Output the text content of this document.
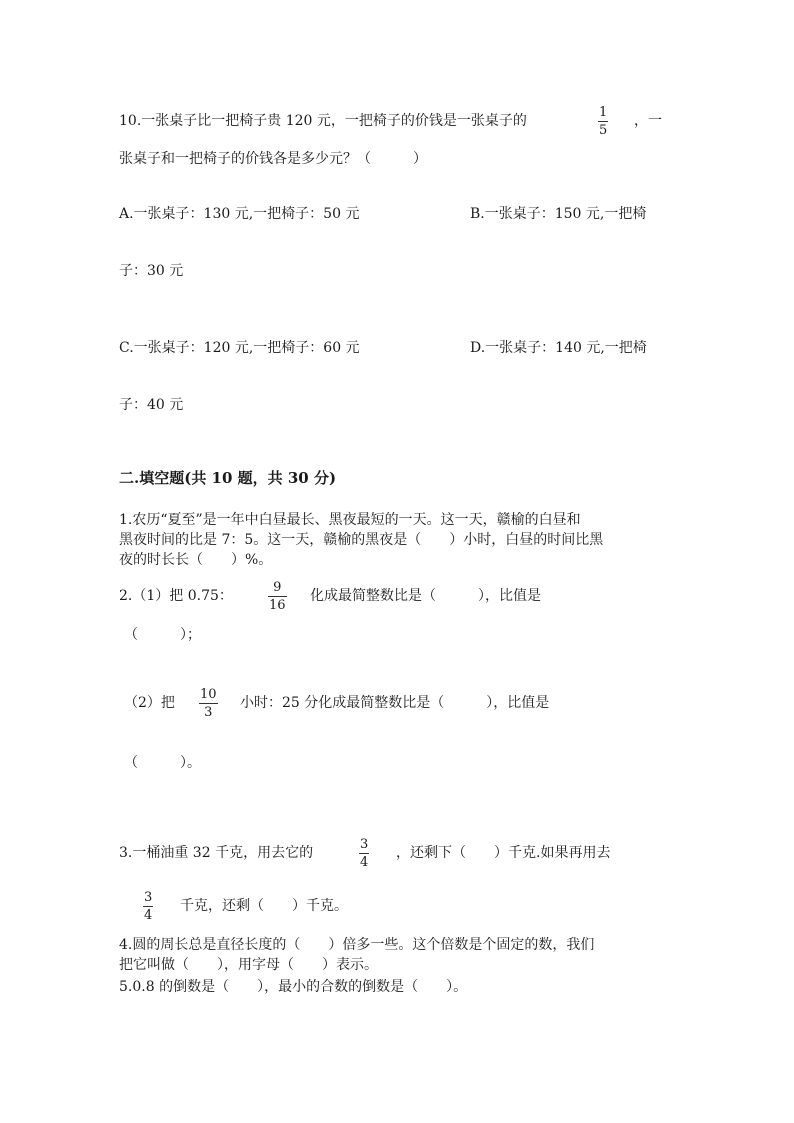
10.一张桌子比一把椅子贵 120 元，一把椅子的价钱是一张桌子的
1
5
，一
张桌子和一把椅子的价钱各是多少元？（　　　）
A.一张桌子：130 元,一把椅子：50 元	B.一张桌子：150 元,一把椅
子：30 元
C.一张桌子：120 元,一把椅子：60 元	D.一张桌子：140 元,一把椅
子：40 元
二.填空题(共 10 题，共 30 分)
1.农历“夏至”是一年中白昼最长、黑夜最短的一天。这一天，赣榆的白昼和
黑夜时间的比是 7：5。这一天，赣榆的黑夜是（　　）小时，白昼的时间比黑
夜的时长长（　　）%。
2.（1）把 0.75：
9
16
化成最简整数比是（　　　），比值是
（　　　）；
（2）把
10
3
小时：25 分化成最简整数比是（　　　），比值是
（　　　）。
3.一桶油重 32 千克，用去它的
3
4
，还剩下（　　）千克.如果再用去
3
4
千克，还剩（　　）千克。
4.圆的周长总是直径长度的（　　）倍多一些。这个倍数是个固定的数，我们
把它叫做（　　），用字母（　　）表示。
5.0.8 的倒数是（　　），最小的合数的倒数是（　　）。
